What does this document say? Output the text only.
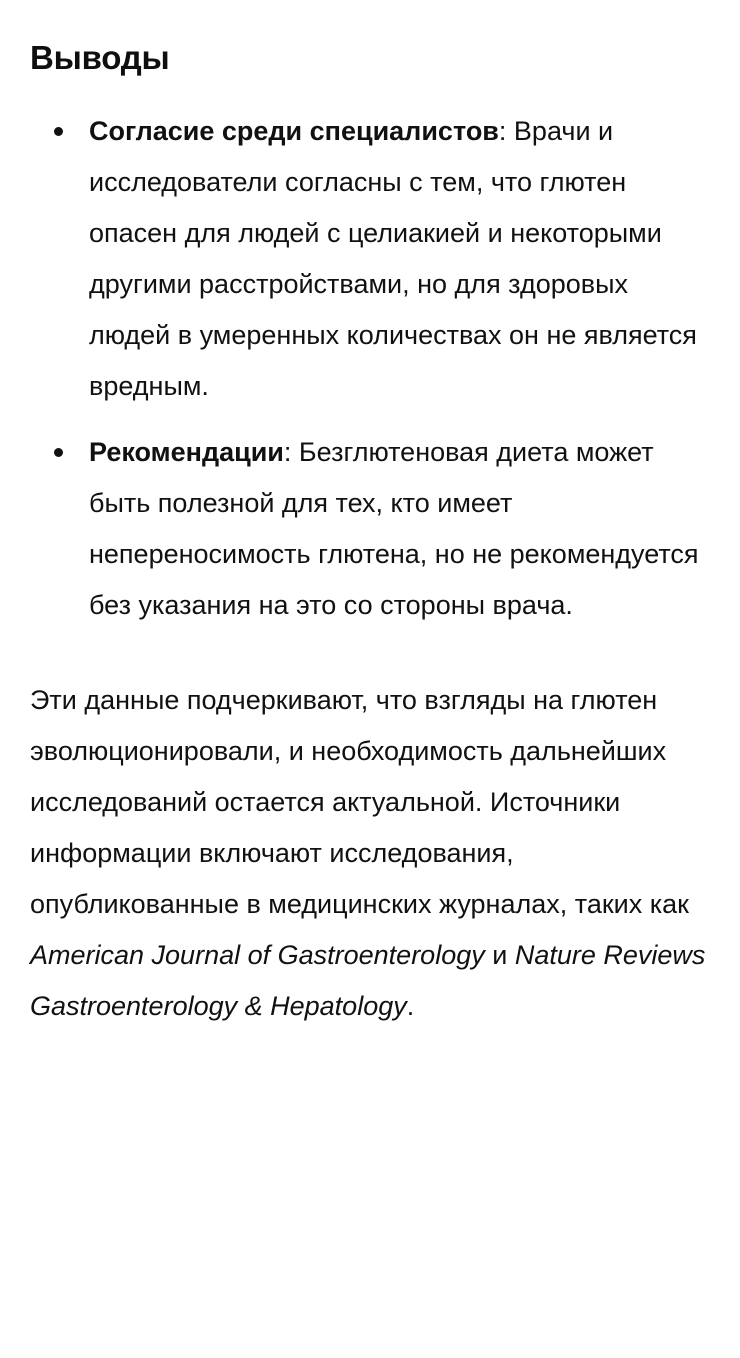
Выводы
Согласие среди специалистов: Врачи и исследователи согласны с тем, что глютен опасен для людей с целиакией и некоторыми другими расстройствами, но для здоровых людей в умеренных количествах он не является вредным.
Рекомендации: Безглютеновая диета может быть полезной для тех, кто имеет непереносимость глютена, но не рекомендуется без указания на это со стороны врача.

Эти данные подчеркивают, что взгляды на глютен эволюционировали, и необходимость дальнейших исследований остается актуальной. Источники информации включают исследования, опубликованные в медицинских журналах, таких как American Journal of Gastroenterology и Nature Reviews Gastroenterology & Hepatology.
